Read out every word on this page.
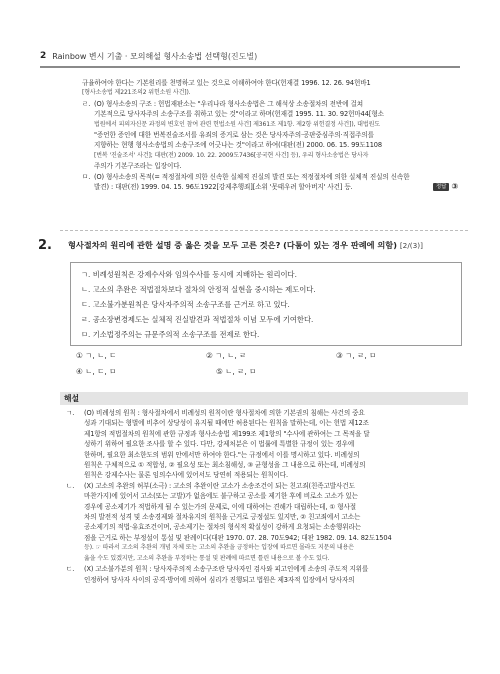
2 Rainbow 변시 기출 · 모의해설 형사소송법 선택형(진도별)
규율하여야 한다는 기본원리를 천명하고 있는 것으로 이해하여야 한다(헌재결 1996. 12. 26. 94헌바1
[형사소송법 제221조의2 위헌소원 사건]).
ㄹ. (O) 형사소송의 구조 : 헌법재판소는 "우리나라 형사소송법은 그 해석상 소송절차의 전반에 걸쳐
기본적으로 당사자주의 소송구조를 취하고 있는 것"이라고 하며(헌재결 1995. 11. 30. 92헌마44[형소
법원에서 피의자신문 과정의 변호인 참여 관련 헌법소원 사건] 제361조 제1항. 제2항 위헌결정 사건]), 대법원도
"증언한 증인에 대한 번복진술조서를 유죄의 증거로 삼는 것은 당사자주의·공판중심주의·직접주의를
지향하는 현행 형사소송법의 소송구조에 어긋나는 것"이라고 하여(대판(전) 2000. 06. 15. 99도1108
[번복 '진술조서' 사건]; 대판(전) 2009. 10. 22. 2009도7436[공국현 사건] 등), 우리 형사소송법은 당사자
주의가 기본구조라는 입장이다.
ㅁ. (O) 형사소송의 목적(= 적정절차에 의한 신속한 실체적 진실의 발견 또는 적정절차에 의한 실체적 진실의 신속한
발견) : 대판(전) 1999. 04. 15. 96도1922[강제추행죄][소위 '못태우려 할아버지' 사건] 등.	정답 ③
2. 형사절차의 원리에 관한 설명 중 옳은 것을 모두 고른 것은? (다툼이 있는 경우 판례에 의함) [2/(3)]
ㄱ. 비례성원칙은 강제수사와 임의수사를 동시에 지배하는 원리이다.
ㄴ. 고소의 추완은 적법절차보다 절차의 안정적 실현을 중시하는 제도이다.
ㄷ. 고소불가분원칙은 당사자주의적 소송구조를 근거로 하고 있다.
ㄹ. 공소장변경제도는 실체적 진실발견과 적법절차 이념 모두에 기여한다.
ㅁ. 기소법정주의는 규문주의적 소송구조를 전제로 한다.
① ㄱ, ㄴ, ㄷ	② ㄱ, ㄴ, ㄹ	③ ㄱ, ㄹ, ㅁ
④ ㄴ, ㄷ, ㅁ	⑤ ㄴ, ㄹ, ㅁ
해설
ㄱ.	(O) 비례성의 원칙 : 형사절차에서 비례성의 원칙이란 형사절차에 의한 기본권의 침해는 사건의 중요
성과 기대되는 형벌에 비추어 상당성이 유지될 때에만 허용된다는 원칙을 말하는데, 이는 헌법 제12조
제1항의 적법절차의 원칙에 관한 규정과 형사소송법 제199조 제1항의 "수사에 관하여는 그 목적을 달
성하기 위하여 필요한 조사를 할 수 있다. 다만, 강제처분은 이 법률에 특별한 규정이 있는 경우에
한하며, 필요한 최소한도의 범위 안에서만 하여야 한다."는 규정에서 이를 명시하고 있다. 비례성의
원칙은 구체적으로 ① 적합성, ② 필요성 또는 최소침해성, ③ 균형성을 그 내용으로 하는데, 비례성의
원칙은 강제수사는 물론 임의수사에 있어서도 당연히 적용되는 원칙이다.
ㄴ.	(X) 고소의 추완의 허부(소극) : 고소의 추완이란 고소가 소송조건이 되는 친고죄(친족고발사건도
마찬가지)에 있어서 고소(또는 고발)가 없음에도 불구하고 공소를 제기한 후에 비로소 고소가 있는
경우에 공소제기가 적법하게 될 수 있는가의 문제로, 이에 대하여는 견해가 대립하는데, ① 형사절
차의 발전적 성격 및 소송경제와 절차유지의 원칙을 근거로 긍정설도 있지만, ② 친고죄에서 고소는
공소제기의 적법·유효조건이며, 공소제기는 절차의 형식적 확실성이 강하게 요청되는 소송행위라는
점을 근거로 하는 부정설이 통설 및 판례이다(대판 1970. 07. 28. 70도942; 대판 1982. 09. 14. 82도1504
등). ☞ 따라서 고소의 추완의 개념 자체 또는 고소의 추완을 긍정하는 입장에 따르면 몰라도 지문의 내용은
옳을 수도 있겠지만, 고소의 추완을 부정하는 통설 및 판례에 따르면 틀린 내용으로 볼 수도 있다.
ㄷ.	(X) 고소불가분의 원칙 : 당사자주의적 소송구조란 당사자인 검사와 피고인에게 소송의 주도적 지위를
인정하여 당사자 사이의 공격·방어에 의하여 심리가 진행되고 법원은 제3자적 입장에서 당사자의
